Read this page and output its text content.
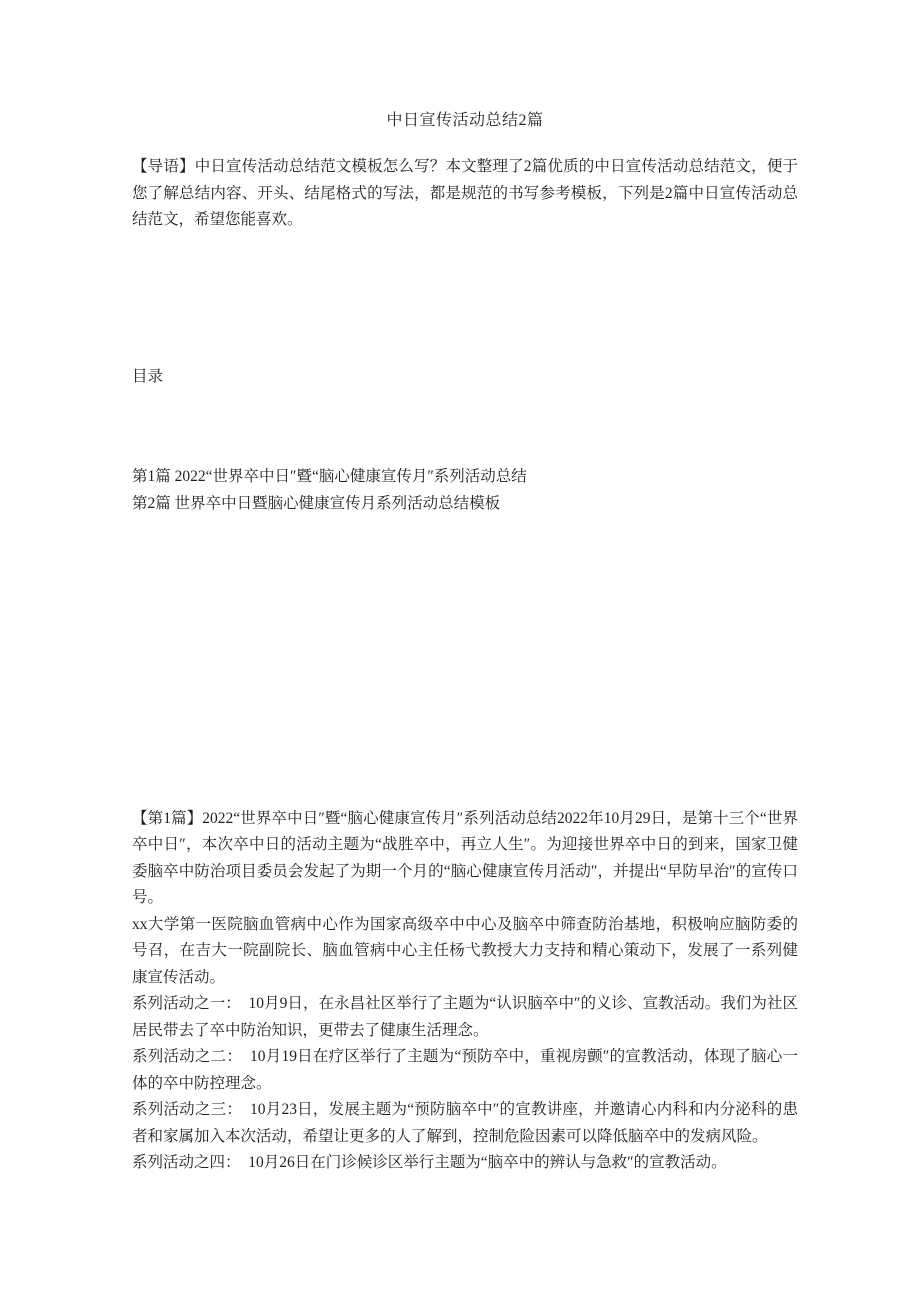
中日宣传活动总结2篇

【导语】中日宣传活动总结范文模板怎么写？本文整理了2篇优质的中日宣传活动总结范文，便于您了解总结内容、开头、结尾格式的写法，都是规范的书写参考模板，下列是2篇中日宣传活动总结范文，希望您能喜欢。

目录
第1篇 2022“世界卒中日″暨“脑心健康宣传月″系列活动总结
第2篇 世界卒中日暨脑心健康宣传月系列活动总结模板

【第1篇】2022“世界卒中日″暨“脑心健康宣传月″系列活动总结2022年10月29日，是第十三个“世界卒中日″，本次卒中日的活动主题为“战胜卒中，再立人生″。为迎接世界卒中日的到来，国家卫健委脑卒中防治项目委员会发起了为期一个月的“脑心健康宣传月活动″，并提出“早防早治″的宣传口号。

xx大学第一医院脑血管病中心作为国家高级卒中中心及脑卒中筛查防治基地，积极响应脑防委的号召，在吉大一院副院长、脑血管病中心主任杨弋教授大力支持和精心策动下，发展了一系列健康宣传活动。

系列活动之一：　10月9日，在永昌社区举行了主题为“认识脑卒中″的义诊、宣教活动。我们为社区居民带去了卒中防治知识，更带去了健康生活理念。

系列活动之二：　10月19日在疗区举行了主题为“预防卒中，重视房颤″的宣教活动，体现了脑心一体的卒中防控理念。

系列活动之三：　10月23日，发展主题为“预防脑卒中″的宣教讲座，并邀请心内科和内分泌科的患者和家属加入本次活动，希望让更多的人了解到，控制危险因素可以降低脑卒中的发病风险。

系列活动之四：　10月26日在门诊候诊区举行主题为“脑卒中的辨认与急救″的宣教活动。
